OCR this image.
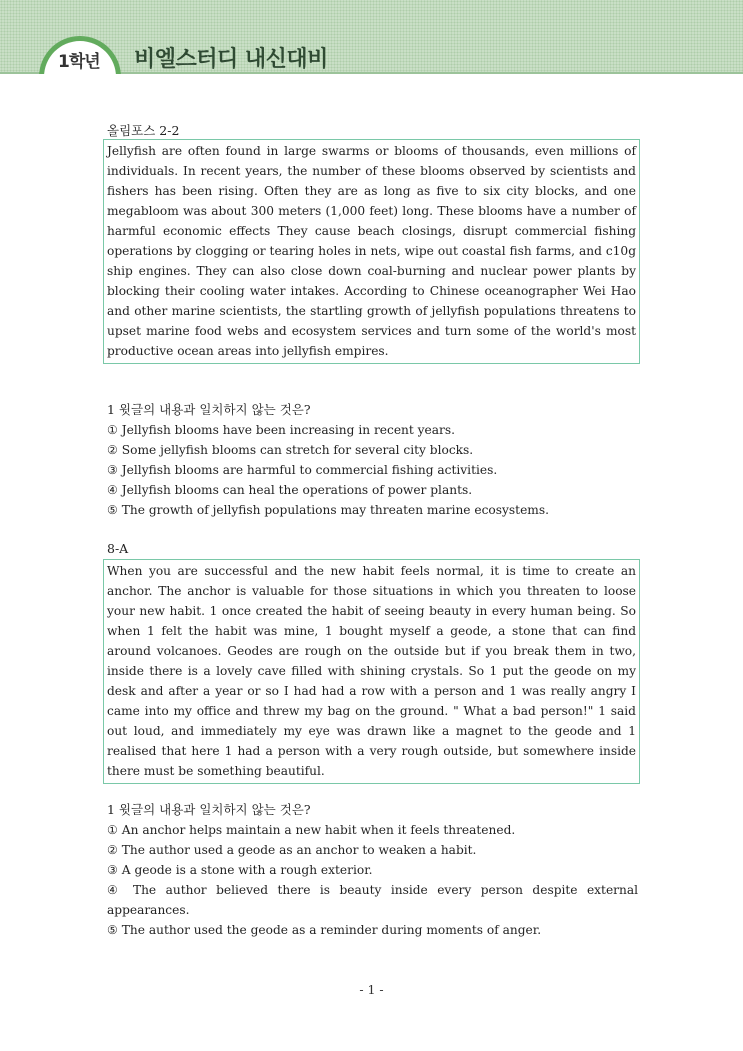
1학년 비엘스터디 내신대비
올림포스 2-2
Jellyfish are often found in large swarms or blooms of thousands, even millions of individuals. In recent years, the number of these blooms observed by scientists and fishers has been rising. Often they are as long as five to six city blocks, and one megabloom was about 300 meters (1,000 feet) long. These blooms have a number of harmful economic effects They cause beach closings, disrupt commercial fishing operations by clogging or tearing holes in nets, wipe out coastal fish farms, and c10g ship engines. They can also close down coal-burning and nuclear power plants by blocking their cooling water intakes. According to Chinese oceanographer Wei Hao and other marine scientists, the startling growth of jellyfish populations threatens to upset marine food webs and ecosystem services and turn some of the world's most productive ocean areas into jellyfish empires.

1 윗글의 내용과 일치하지 않는 것은?

① Jellyfish blooms have been increasing in recent years.

② Some jellyfish blooms can stretch for several city blocks.

③ Jellyfish blooms are harmful to commercial fishing activities.

④ Jellyfish blooms can heal the operations of power plants.

⑤ The growth of jellyfish populations may threaten marine ecosystems.

8-A
When you are successful and the new habit feels normal, it is time to create an anchor. The anchor is valuable for those situations in which you threaten to loose your new habit. 1 once created the habit of seeing beauty in every human being. So when 1 felt the habit was mine, 1 bought myself a geode, a stone that can find around volcanoes. Geodes are rough on the outside but if you break them in two, inside there is a lovely cave filled with shining crystals. So 1 put the geode on my desk and after a year or so I had had a row with a person and 1 was really angry I came into my office and threw my bag on the ground. " What a bad person!" 1 said out loud, and immediately my eye was drawn like a magnet to the geode and 1 realised that here 1 had a person with a very rough outside, but somewhere inside there must be something beautiful.

1 윗글의 내용과 일치하지 않는 것은?

① An anchor helps maintain a new habit when it feels threatened.

② The author used a geode as an anchor to weaken a habit.

③ A geode is a stone with a rough exterior.

④ The author believed there is beauty inside every person despite external appearances.

⑤ The author used the geode as a reminder during moments of anger.

- 1 -
